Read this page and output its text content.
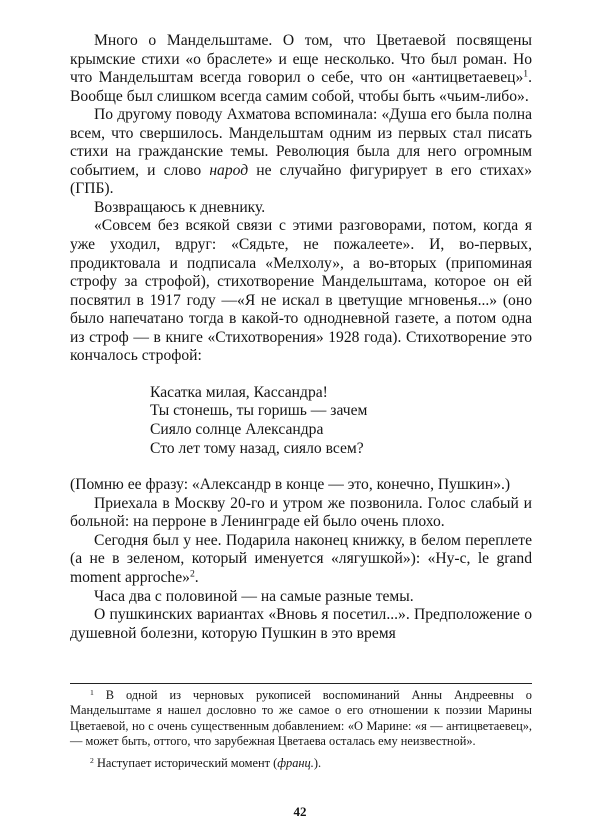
Много о Мандельштаме. О том, что Цветаевой посвящены крымские стихи «о браслете» и еще несколько. Что был роман. Но что Мандельштам всегда говорил о себе, что он «антицветаевец»$^1$. Вообще был слишком всегда самим собой, чтобы быть «чьим-либо».

По другому поводу Ахматова вспоминала: «Душа его была полна всем, что свершилось. Мандельштам одним из первых стал писать стихи на гражданские темы. Революция была для него огромным событием, и слово народ не случайно фигурирует в его стихах» (ГПБ).

Возвращаюсь к дневнику.

«Совсем без всякой связи с этими разговорами, потом, когда я уже уходил, вдруг: «Сядьте, не пожалеете». И, во-первых, продиктовала и подписала «Мелхолу», а во-вторых (припоминая строфу за строфой), стихотворение Мандельштама, которое он ей посвятил в 1917 году —«Я не искал в цветущие мгновенья...» (оно было напечатано тогда в какой-то однодневной газете, а потом одна из строф — в книге «Стихотворения» 1928 года). Стихотворение это кончалось строфой:

Касатка милая, Кассандра!
Ты стонешь, ты горишь — зачем
Сияло солнце Александра
Сто лет тому назад, сияло всем?

(Помню ее фразу: «Александр в конце — это, конечно, Пушкин».)

Приехала в Москву 20-го и утром же позвонила. Голос слабый и больной: на перроне в Ленинграде ей было очень плохо.

Сегодня был у нее. Подарила наконец книжку, в белом переплете (а не в зеленом, который именуется «лягушкой»): «Ну-с, le grand moment approche»$^2$.

Часа два с половиной — на самые разные темы.

О пушкинских вариантах «Вновь я посетил...». Предположение о душевной болезни, которую Пушкин в это время

$^1$ В одной из черновых рукописей воспоминаний Анны Андреевны о Мандельштаме я нашел дословно то же самое о его отношении к поэзии Марины Цветаевой, но с очень существенным добавлением: «О Марине: «я — антицветаевец»,— может быть, оттого, что зарубежная Цветаева осталась ему неизвестной».

$^2$ Наступает исторический момент (франц.).

42
